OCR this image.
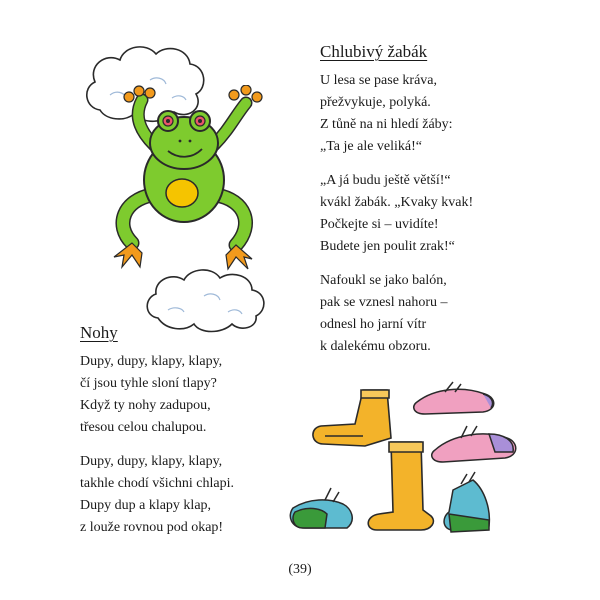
Chlubivý žabák
U lesa se pase kráva,
přežvykuje, polyká.
Z tůně na ni hledí žáby:
„Ta je ale veliká!“
„A já budu ještě větší!“
kvákl žabák. „Kvaky kvak!
Počkejte si – uvidíte!
Budete jen poulit zrak!“
Nafoukl se jako balón,
pak se vznesl nahoru –
odnesl ho jarní vítr
k dalekému obzoru.
Nohy
Dupy, dupy, klapy, klapy,
čí jsou tyhle sloní tlapy?
Když ty nohy zadupou,
třesou celou chalupou.
Dupy, dupy, klapy, klapy,
takhle chodí všichni chlapi.
Dupy dup a klapy klap,
z louže rovnou pod okap!
(39)
